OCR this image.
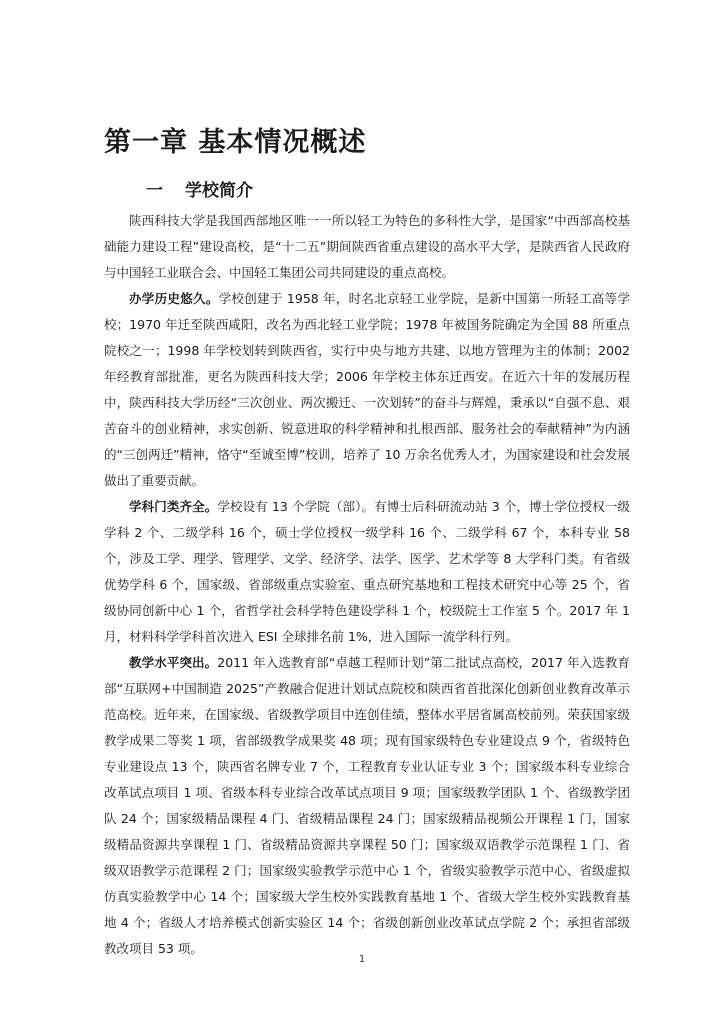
第一章 基本情况概述
一 学校简介

陕西科技大学是我国西部地区唯一一所以轻工为特色的多科性大学，是国家“中西部高校基础能力建设工程”建设高校，是“十二五”期间陕西省重点建设的高水平大学，是陕西省人民政府与中国轻工业联合会、中国轻工集团公司共同建设的重点高校。

办学历史悠久。学校创建于 1958 年，时名北京轻工业学院，是新中国第一所轻工高等学校；1970 年迁至陕西咸阳，改名为西北轻工业学院；1978 年被国务院确定为全国 88 所重点院校之一；1998 年学校划转到陕西省，实行中央与地方共建、以地方管理为主的体制；2002 年经教育部批准，更名为陕西科技大学；2006 年学校主体东迁西安。在近六十年的发展历程中，陕西科技大学历经“三次创业、两次搬迁、一次划转”的奋斗与辉煌，秉承以“自强不息、艰苦奋斗的创业精神，求实创新、锐意进取的科学精神和扎根西部、服务社会的奉献精神”为内涵的“三创两迁”精神，恪守“至诚至博”校训，培养了 10 万余名优秀人才，为国家建设和社会发展做出了重要贡献。

学科门类齐全。学校设有 13 个学院（部）。有博士后科研流动站 3 个，博士学位授权一级学科 2 个、二级学科 16 个，硕士学位授权一级学科 16 个、二级学科 67 个，本科专业 58 个，涉及工学、理学、管理学、文学、经济学、法学、医学、艺术学等 8 大学科门类。有省级优势学科 6 个，国家级、省部级重点实验室、重点研究基地和工程技术研究中心等 25 个，省级协同创新中心 1 个，省哲学社会科学特色建设学科 1 个，校级院士工作室 5 个。2017 年 1 月，材料科学学科首次进入 ESI 全球排名前 1%，进入国际一流学科行列。

教学水平突出。2011 年入选教育部“卓越工程师计划”第二批试点高校，2017 年入选教育部“互联网+中国制造 2025”产教融合促进计划试点院校和陕西省首批深化创新创业教育改革示范高校。近年来，在国家级、省级教学项目中连创佳绩，整体水平居省属高校前列。荣获国家级教学成果二等奖 1 项，省部级教学成果奖 48 项；现有国家级特色专业建设点 9 个，省级特色专业建设点 13 个，陕西省名牌专业 7 个，工程教育专业认证专业 3 个；国家级本科专业综合改革试点项目 1 项、省级本科专业综合改革试点项目 9 项；国家级教学团队 1 个、省级教学团队 24 个；国家级精品课程 4 门、省级精品课程 24 门；国家级精品视频公开课程 1 门，国家级精品资源共享课程 1 门、省级精品资源共享课程 50 门；国家级双语教学示范课程 1 门、省级双语教学示范课程 2 门；国家级实验教学示范中心 1 个，省级实验教学示范中心、省级虚拟仿真实验教学中心 14 个；国家级大学生校外实践教育基地 1 个、省级大学生校外实践教育基地 4 个；省级人才培养模式创新实验区 14 个；省级创新创业改革试点学院 2 个；承担省部级教改项目 53 项。

1
